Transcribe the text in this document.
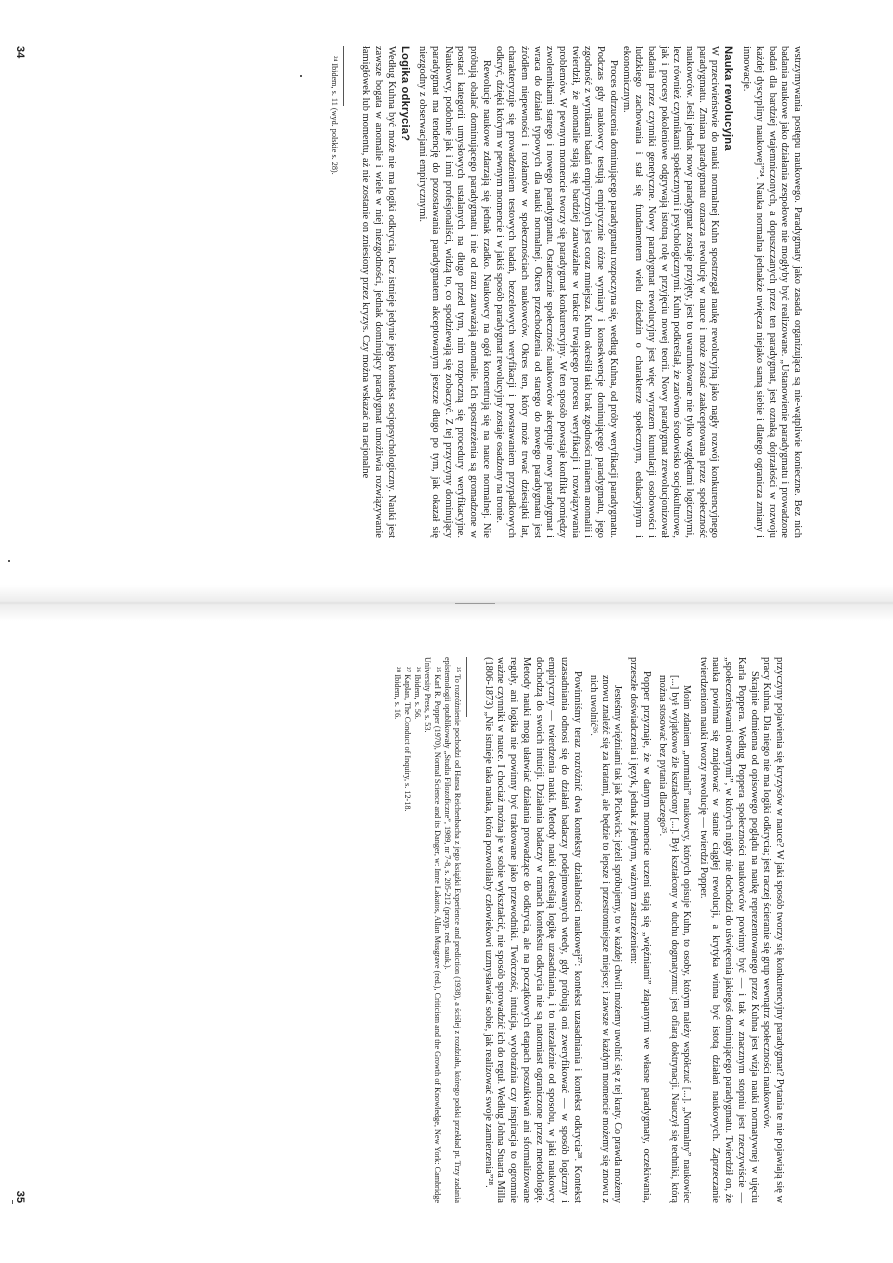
wstrzymywania postępu naukowego. Paradygmaty jako zasada organizująca są nie-wątpliwie konieczne. Bez nich badania naukowe jako działania zespołowe nie mogłyby być realizowane. „Ustanowienie paradygmatu i prowadzone badań dla bardziej wtajemniczonych, a dopuszczanych przez ten paradygmat, jest oznaką dojrzałości w rozwoju każdej dyscypliny naukowej”²⁴. Nauka normalna jednakże uwięcza niejako samą siebie i dlatego ogranicza zmiany i innowacje.

Nauka rewolucyjna

W przeciwieństwie do nauki normalnej Kuhn spostrzegał naukę rewolucyjną jako nagły rozwój konkurencyjnego paradygmatu. Zmiana paradygmatu oznacza rewolucję w nauce i może zostać zaakceptowana przez społeczność naukowców. Jeśli jednak nowy paradygmat zostaje przyjęty, jest to uwarunkowane nie tylko względami logicznymi, lecz również czynnikami społecznymi i psychologicznymi. Kuhn podkreślał, że zarówno środowisko socjokulturowe, jak i procesy pokoleniowe odgrywają istotną rolę w przyjęciu nowej teorii. Nowy paradygmat zrewolucjonizował badania przez czynniki genetyczne. Nowy paradygmat rewolucyjny jest więc wyrazem kumulacji osobowości i ludzkiego zachowania i stał się fundamentem wielu dziedzin o charakterze społecznym, edukacyjnym i ekonomicznym.

Proces odrzucenia dominującego paradygmatu rozpoczyna się, według Kuhna, od próby weryfikacji paradygmatu. Podczas gdy naukowcy testują empirycznie różne wymiary i konsekwencje dominującego paradygmatu, jego zgodność z wynikami badań empirycznych jest coraz mniejsza. Kuhn określił taki brak zgodności mianem anomalii i twierdził, że anomalie stają się bardziej zauważalne w trakcie trwającego procesu weryfikacji i rozwiązywania problemów. W pewnym momencie tworzy się paradygmat konkurencyjny. W ten sposób powstaje konflikt pomiędzy zwolennikami starego i nowego paradygmatu. Ostatecznie społeczność naukowców akceptuje nowy paradygmat i wraca do działań typowych dla nauki normalnej. Okres przechodzenia od starego do nowego paradygmatu jest źródłem niepewności i rozłamów w społecznościach naukowców. Okres ten, który może trwać dziesiątki lat, charakteryzuje się prowadzeniem testowych badań, bezcelowych weryfikacji i powstawaniem przypadkowych odkryć, dzięki którym w pewnym momencie i w jakiś sposób paradygmat rewolucyjny zostaje osadzony na tronie.

Rewolucje naukowe zdarzają się jednak rzadko. Naukowcy na ogół koncentrują się na nauce normalnej. Nie próbują obalać dominującego paradygmatu i nie od razu zauważają anomalie. Ich spostrzeżenia są gromadzone w postaci kategorii umysłowych ustalanych na długo przed tym, nim rozpoczną się procedury weryfikacyjne. Naukowcy, podobnie jak i inni profesjonaliści, widzą to, co spodziewają się zobaczyć. Z tej przyczyny dominujący paradygmat ma tendencję do pozostawania paradygmatem akceptowanym jeszcze długo po tym, jak okazał się niezgodny z obserwacjami empirycznymi.

Logika odkrycia?

Według Kuhna być może nie ma logiki odkrycia, lecz istnieje jedynie jego kontekst socjopsychologiczny. Nauki jest zawsze bogata w anomalie i wiele w niej niezgodności, jednak dominujący paradygmat umożliwia rozwiązywanie łamigłówek lub momentu, aż nie zostanie on zniesiony przez kryzys. Czy można wskazać na racjonalne

²⁴ Ibidem, s. 11 (wyd. polskie s. 28).

34

przyczyny pojawienia się kryzysów w nauce? W jaki sposób tworzy się konkurencyjny paradygmat? Pytania te nie pojawiają się w pracy Kuhna. Dla niego nie ma logiki odkrycia; jest raczej ścieranie się grup wewnątrz społeczności naukowców.

Skrajnie odmienna od opisowego poglądu na naukę reprezentowanego przez Kuhna jest wizja nauki normatywnej w ujęciu Karla Poppera. Według Poppera społeczności naukowców powinny być — i tak w znacznym stopniu jest rzeczywiście — „społeczeństwami otwartymi”, w których nigdy nie dochodzi do uświęcenia jakiegoś dominującego paradygmatu. Twierdził on, że nauka powinna się znajdować w stanie ciągłej rewolucji, a krytyka winna być istotą działań naukowych. Zaprzeczanie twierdzeniom nauki tworzy rewolucję — twierdzi Popper.

Moim zdaniem „normalni” naukowcy, których opisuje Kuhn, to osoby, którym należy współczuć [...]. „Normalny” naukowiec [...] był wyjątkowo źle kształcony [...]. Był kształcony w duchu dogmatyzmu: jest ofiarą doktrynacji. Nauczył się techniki, którą można stosować bez pytania dlaczego²⁵.

Popper przyznaje, że w danym momencie uczeni stają się „więźniami” złapanymi we własne paradygmaty, oczekiwania, przeszłe doświadczenia i język, jednak z jednym, ważnym zastrzeżeniem:

Jesteśmy więźniami tak jak Pickwick: jeżeli spróbujemy, to w każdej chwili możemy uwolnić się z tej kraty. Co prawda możemy znowu znaleźć się za kratami, ale będzie to lepsze i przestronniejsze miejsce; i zawsze w każdym momencie możemy się znowu z nich uwolnić²⁶.

Powinniśmy teraz rozróżnić dwa konteksty działalności naukowej²⁷: kontekst uzasadniania i kontekst odkrycia²⁸. Kontekst uzasadniania odnosi się do działań badaczy podejmowanych wtedy, gdy próbują oni zweryfikować — w sposób logiczny i empiryczny — twierdzenia nauki. Metody nauki określają logikę uzasadniania, i to niezależnie od sposobu, w jaki naukowcy dochodzą do swoich intuicji. Działania badaczy w ramach kontekstu odkrycia nie są natomiast ograniczone przez metodologię. Metody nauki mogą ułatwiać działania prowadzące do odkrycia, ale na początkowych etapach poszukiwań ani sformalizowane reguły, ani logika nie powinny być traktowane jako przewodniki. Twórczość, intuicja, wyobraźnia czy inspiracja to ogromnie ważne czynniki w nauce. I chociaż można je w sobie wykształcić, nie sposób sprowadzić ich do reguł. Według Johna Stuarta Milla (1806-1873) „Nie istnieje taka nauka, która pozwoliłaby człowiekowi uzmysławiać sobie, jak realizować swoje zamierzenia”²⁸.

²⁵ To rozróżnienie pochodzi od Hansa Reichenbacha z jego książki Experience and prediction (1938), a ściślej z rozdziału, którego polski przekład pt. Trzy zadania epistemologii opublikowały „Studia Filozoficzne”, 1989, nr 7-8, s. 205-212 (przyp. red. nauk.).

²⁵ Karl R. Popper (1970), Normal Science and its Danger, w: Imre Lakatos, Allan Musgrave (red.), Criticism and the Growth of Knowledge, New York: Cambridge University Press, s. 53.

²⁶ Ibidem, s. 56.

²⁷ Kaplan, The Conduct of Inquiry, s. 12-18.

²⁸ Ibidem, s. 16.

35
